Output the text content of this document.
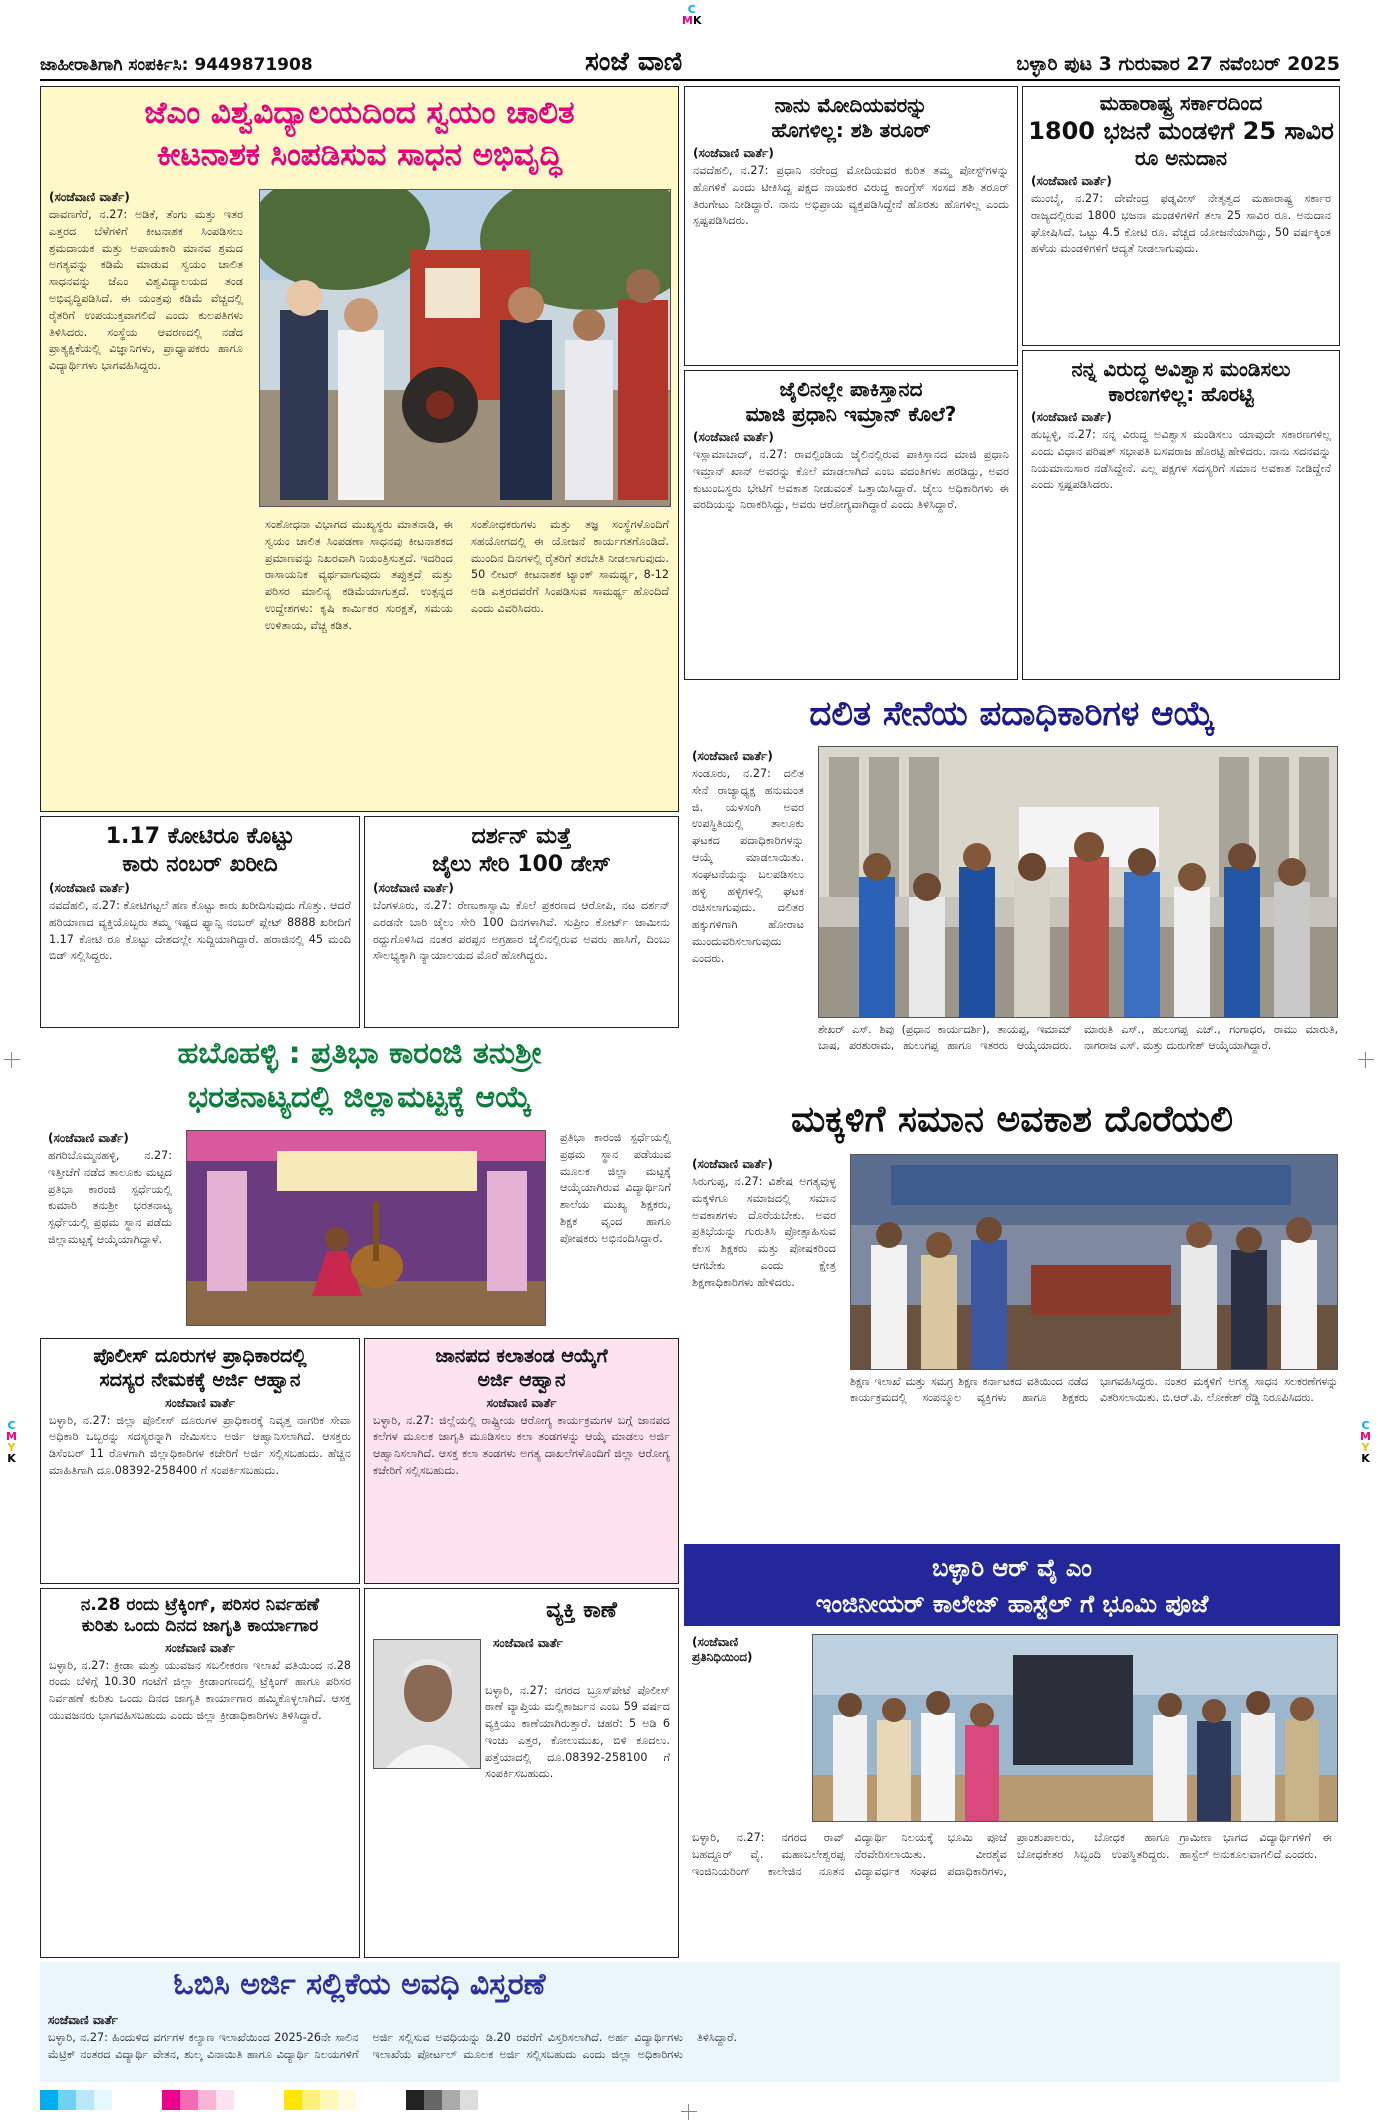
C
MK
C
M
Y
K
C
M
Y
K
ಜಾಹೀರಾತಿಗಾಗಿ ಸಂಪರ್ಕಿಸಿ: 9449871908	ಸಂಜೆ ವಾಣಿ	ಬಳ್ಳಾರಿ ಪುಟ 3 ಗುರುವಾರ 27 ನವೆಂಬರ್ 2025
ಜೆಎಂ ವಿಶ್ವವಿದ್ಯಾಲಯದಿಂದ ಸ್ವಯಂ ಚಾಲಿತ
ಕೀಟನಾಶಕ ಸಿಂಪಡಿಸುವ ಸಾಧನ ಅಭಿವೃದ್ಧಿ
(ಸಂಜೆವಾಣಿ ವಾರ್ತೆ)
ದಾವಣಗೆರೆ, ನ.27: ಅಡಿಕೆ, ತೆಂಗು ಮತ್ತು ಇತರ ಎತ್ತರದ ಬೆಳೆಗಳಿಗೆ ಕೀಟನಾಶಕ ಸಿಂಪಡಿಸಲು ಶ್ರಮದಾಯಕ ಮತ್ತು ಅಪಾಯಕಾರಿ ಮಾನವ ಶ್ರಮದ ಅಗತ್ಯವನ್ನು ಕಡಿಮೆ ಮಾಡುವ ಸ್ವಯಂ ಚಾಲಿತ ಸಾಧನವನ್ನು ಜೆಎಂ ವಿಶ್ವವಿದ್ಯಾಲಯದ ತಂಡ ಅಭಿವೃದ್ಧಿಪಡಿಸಿದೆ. ಈ ಯಂತ್ರವು ಕಡಿಮೆ ವೆಚ್ಚದಲ್ಲಿ ರೈತರಿಗೆ ಉಪಯುಕ್ತವಾಗಲಿದೆ ಎಂದು ಕುಲಪತಿಗಳು ತಿಳಿಸಿದರು. ಸಂಸ್ಥೆಯ ಆವರಣದಲ್ಲಿ ನಡೆದ ಪ್ರಾತ್ಯಕ್ಷಿಕೆಯಲ್ಲಿ ವಿಜ್ಞಾನಿಗಳು, ಪ್ರಾಧ್ಯಾಪಕರು ಹಾಗೂ ವಿದ್ಯಾರ್ಥಿಗಳು ಭಾಗವಹಿಸಿದ್ದರು.
ಸಂಶೋಧನಾ ವಿಭಾಗದ ಮುಖ್ಯಸ್ಥರು ಮಾತನಾಡಿ, ಈ ಸ್ವಯಂ ಚಾಲಿತ ಸಿಂಪಡಣಾ ಸಾಧನವು ಕೀಟನಾಶಕದ ಪ್ರಮಾಣವನ್ನು ನಿಖರವಾಗಿ ನಿಯಂತ್ರಿಸುತ್ತದೆ. ಇದರಿಂದ ರಾಸಾಯನಿಕ ವ್ಯರ್ಥವಾಗುವುದು ತಪ್ಪುತ್ತದೆ ಮತ್ತು ಪರಿಸರ ಮಾಲಿನ್ಯ ಕಡಿಮೆಯಾಗುತ್ತದೆ. ಉತ್ಪನ್ನದ ಉದ್ದೇಶಗಳು: ಕೃಷಿ ಕಾರ್ಮಿಕರ ಸುರಕ್ಷತೆ, ಸಮಯ ಉಳಿತಾಯ, ವೆಚ್ಚ ಕಡಿತ.
ಸಂಶೋಧಕರುಗಳು ಮತ್ತು ತಜ್ಞ ಸಂಸ್ಥೆಗಳೊಂದಿಗೆ ಸಹಯೋಗದಲ್ಲಿ ಈ ಯೋಜನೆ ಕಾರ್ಯಗತಗೊಂಡಿದೆ. ಮುಂದಿನ ದಿನಗಳಲ್ಲಿ ರೈತರಿಗೆ ತರಬೇತಿ ನೀಡಲಾಗುವುದು. 50 ಲೀಟರ್ ಕೀಟನಾಶಕ ಟ್ಯಾಂಕ್ ಸಾಮರ್ಥ್ಯ, 8-12 ಅಡಿ ಎತ್ತರದವರೆಗೆ ಸಿಂಪಡಿಸುವ ಸಾಮರ್ಥ್ಯ ಹೊಂದಿದೆ ಎಂದು ವಿವರಿಸಿದರು.
ನಾನು ಮೋದಿಯವರನ್ನು
ಹೊಗಳಿಲ್ಲ: ಶಶಿ ತರೂರ್
(ಸಂಜೆವಾಣಿ ವಾರ್ತೆ)
ನವದೆಹಲಿ, ನ.27: ಪ್ರಧಾನಿ ನರೇಂದ್ರ ಮೋದಿಯವರ ಕುರಿತ ತಮ್ಮ ಪೋಸ್ಟ್‌ಗಳನ್ನು ಹೊಗಳಿಕೆ ಎಂದು ಟೀಕಿಸಿದ್ದ ಪಕ್ಷದ ನಾಯಕರ ವಿರುದ್ಧ ಕಾಂಗ್ರೆಸ್ ಸಂಸದ ಶಶಿ ತರೂರ್ ತಿರುಗೇಟು ನೀಡಿದ್ದಾರೆ. ನಾನು ಅಭಿಪ್ರಾಯ ವ್ಯಕ್ತಪಡಿಸಿದ್ದೇನೆ ಹೊರತು ಹೊಗಳಿಲ್ಲ ಎಂದು ಸ್ಪಷ್ಟಪಡಿಸಿದರು.
ಜೈಲಿನಲ್ಲೇ ಪಾಕಿಸ್ತಾನದ
ಮಾಜಿ ಪ್ರಧಾನಿ ಇಮ್ರಾನ್ ಕೊಲೆ?
(ಸಂಜೆವಾಣಿ ವಾರ್ತೆ)
ಇಸ್ಲಾಮಾಬಾದ್, ನ.27: ರಾವಲ್ಪಿಂಡಿಯ ಜೈಲಿನಲ್ಲಿರುವ ಪಾಕಿಸ್ತಾನದ ಮಾಜಿ ಪ್ರಧಾನಿ ಇಮ್ರಾನ್ ಖಾನ್ ಅವರನ್ನು ಕೊಲೆ ಮಾಡಲಾಗಿದೆ ಎಂಬ ವದಂತಿಗಳು ಹರಡಿದ್ದು, ಅವರ ಕುಟುಂಬಸ್ಥರು ಭೇಟಿಗೆ ಅವಕಾಶ ನೀಡುವಂತೆ ಒತ್ತಾಯಿಸಿದ್ದಾರೆ. ಜೈಲು ಅಧಿಕಾರಿಗಳು ಈ ವರದಿಯನ್ನು ನಿರಾಕರಿಸಿದ್ದು, ಅವರು ಆರೋಗ್ಯವಾಗಿದ್ದಾರೆ ಎಂದು ತಿಳಿಸಿದ್ದಾರೆ.
ಮಹಾರಾಷ್ಟ್ರ ಸರ್ಕಾರದಿಂದ
1800 ಭಜನೆ ಮಂಡಳಿಗೆ 25 ಸಾವಿರ
ರೂ ಅನುದಾನ
(ಸಂಜೆವಾಣಿ ವಾರ್ತೆ)
ಮುಂಬೈ, ನ.27: ದೇವೇಂದ್ರ ಫಡ್ನವೀಸ್ ನೇತೃತ್ವದ ಮಹಾರಾಷ್ಟ್ರ ಸರ್ಕಾರ ರಾಜ್ಯದಲ್ಲಿರುವ 1800 ಭಜನಾ ಮಂಡಳಿಗಳಿಗೆ ತಲಾ 25 ಸಾವಿರ ರೂ. ಅನುದಾನ ಘೋಷಿಸಿದೆ. ಒಟ್ಟು 4.5 ಕೋಟಿ ರೂ. ವೆಚ್ಚದ ಯೋಜನೆಯಾಗಿದ್ದು, 50 ವರ್ಷಕ್ಕಿಂತ ಹಳೆಯ ಮಂಡಳಿಗಳಿಗೆ ಆದ್ಯತೆ ನೀಡಲಾಗುವುದು.
ನನ್ನ ವಿರುದ್ಧ ಅವಿಶ್ವಾಸ ಮಂಡಿಸಲು
ಕಾರಣಗಳಿಲ್ಲ: ಹೊರಟ್ಟಿ
(ಸಂಜೆವಾಣಿ ವಾರ್ತೆ)
ಹುಬ್ಬಳ್ಳಿ, ನ.27: ನನ್ನ ವಿರುದ್ಧ ಅವಿಶ್ವಾಸ ಮಂಡಿಸಲು ಯಾವುದೇ ಸಕಾರಣಗಳಿಲ್ಲ ಎಂದು ವಿಧಾನ ಪರಿಷತ್ ಸಭಾಪತಿ ಬಸವರಾಜ ಹೊರಟ್ಟಿ ಹೇಳಿದರು. ನಾನು ಸದನವನ್ನು ನಿಯಮಾನುಸಾರ ನಡೆಸಿದ್ದೇನೆ. ಎಲ್ಲ ಪಕ್ಷಗಳ ಸದಸ್ಯರಿಗೆ ಸಮಾನ ಅವಕಾಶ ನೀಡಿದ್ದೇನೆ ಎಂದು ಸ್ಪಷ್ಟಪಡಿಸಿದರು.
1.17 ಕೋಟಿರೂ ಕೊಟ್ಟು
ಕಾರು ನಂಬರ್ ಖರೀದಿ
(ಸಂಜೆವಾಣಿ ವಾರ್ತೆ)
ನವದೆಹಲಿ, ನ.27: ಕೋಟಿಗಟ್ಟಲೆ ಹಣ ಕೊಟ್ಟು ಕಾರು ಖರೀದಿಸುವುದು ಗೊತ್ತು. ಆದರೆ ಹರಿಯಾಣದ ವ್ಯಕ್ತಿಯೊಬ್ಬರು ತಮ್ಮ ಇಷ್ಟದ ಫ್ಯಾನ್ಸಿ ನಂಬರ್ ಪ್ಲೇಟ್ 8888 ಖರೀದಿಗೆ 1.17 ಕೋಟಿ ರೂ ಕೊಟ್ಟು ದೇಶದಲ್ಲೇ ಸುದ್ದಿಯಾಗಿದ್ದಾರೆ. ಹರಾಜಿನಲ್ಲಿ 45 ಮಂದಿ ಬಿಡ್ ಸಲ್ಲಿಸಿದ್ದರು.
ದರ್ಶನ್ ಮತ್ತೆ
ಜೈಲು ಸೇರಿ 100 ಡೇಸ್
(ಸಂಜೆವಾಣಿ ವಾರ್ತೆ)
ಬೆಂಗಳೂರು, ನ.27: ರೇಣುಕಾಸ್ವಾಮಿ ಕೊಲೆ ಪ್ರಕರಣದ ಆರೋಪಿ, ನಟ ದರ್ಶನ್ ಎರಡನೇ ಬಾರಿ ಜೈಲು ಸೇರಿ 100 ದಿನಗಳಾಗಿವೆ. ಸುಪ್ರೀಂ ಕೋರ್ಟ್ ಜಾಮೀನು ರದ್ದುಗೊಳಿಸಿದ ನಂತರ ಪರಪ್ಪನ ಅಗ್ರಹಾರ ಜೈಲಿನಲ್ಲಿರುವ ಅವರು ಹಾಸಿಗೆ, ದಿಂಬು ಸೌಲಭ್ಯಕ್ಕಾಗಿ ನ್ಯಾಯಾಲಯದ ಮೊರೆ ಹೋಗಿದ್ದರು.
ದಲಿತ ಸೇನೆಯ ಪದಾಧಿಕಾರಿಗಳ ಆಯ್ಕೆ
(ಸಂಜೆವಾಣಿ ವಾರ್ತೆ)
ಸಂಡೂರು, ನ.27: ದಲಿತ ಸೇನೆ ರಾಜ್ಯಾಧ್ಯಕ್ಷ ಹನುಮಂತ ಜಿ. ಯಳಸಂಗಿ ಅವರ ಉಪಸ್ಥಿತಿಯಲ್ಲಿ ತಾಲೂಕು ಘಟಕದ ಪದಾಧಿಕಾರಿಗಳನ್ನು ಆಯ್ಕೆ ಮಾಡಲಾಯಿತು. ಸಂಘಟನೆಯನ್ನು ಬಲಪಡಿಸಲು ಹಳ್ಳಿ ಹಳ್ಳಿಗಳಲ್ಲಿ ಘಟಕ ರಚಿಸಲಾಗುವುದು. ದಲಿತರ ಹಕ್ಕುಗಳಿಗಾಗಿ ಹೋರಾಟ ಮುಂದುವರಿಸಲಾಗುವುದು ಎಂದರು.
ಶೇಖರ್ ಎಸ್. ಶಿವು (ಪ್ರಧಾನ ಕಾರ್ಯದರ್ಶಿ), ತಾಯಪ್ಪ, ಇಮಾಮ್ ಬಾಷ, ಪರಶುರಾಮ, ಹುಲುಗಪ್ಪ ಹಾಗೂ ಇತರರು ಆಯ್ಕೆಯಾದರು. ಮಾರುತಿ ಎಸ್., ಹುಲುಗಪ್ಪ ಎಚ್., ಗಂಗಾಧರ, ರಾಮು ಮಾರುತಿ, ನಾಗರಾಜ ಎಸ್. ಮತ್ತು ದುರುಗೇಶ್ ಆಯ್ಕೆಯಾಗಿದ್ದಾರೆ.
ಹಬೊಹಳ್ಳಿ : ಪ್ರತಿಭಾ ಕಾರಂಜಿ ತನುಶ್ರೀ
ಭರತನಾಟ್ಯದಲ್ಲಿ ಜಿಲ್ಲಾಮಟ್ಟಕ್ಕೆ ಆಯ್ಕೆ
(ಸಂಜೆವಾಣಿ ವಾರ್ತೆ)
ಹಗರಿಬೊಮ್ಮನಹಳ್ಳಿ, ನ.27: ಇತ್ತೀಚೆಗೆ ನಡೆದ ತಾಲೂಕು ಮಟ್ಟದ ಪ್ರತಿಭಾ ಕಾರಂಜಿ ಸ್ಪರ್ಧೆಯಲ್ಲಿ ಕುಮಾರಿ ತನುಶ್ರೀ ಭರತನಾಟ್ಯ ಸ್ಪರ್ಧೆಯಲ್ಲಿ ಪ್ರಥಮ ಸ್ಥಾನ ಪಡೆದು ಜಿಲ್ಲಾಮಟ್ಟಕ್ಕೆ ಆಯ್ಕೆಯಾಗಿದ್ದಾಳೆ.
ಪ್ರತಿಭಾ ಕಾರಂಜಿ ಸ್ಪರ್ಧೆಯಲ್ಲಿ ಪ್ರಥಮ ಸ್ಥಾನ ಪಡೆಯುವ ಮೂಲಕ ಜಿಲ್ಲಾ ಮಟ್ಟಕ್ಕೆ ಆಯ್ಕೆಯಾಗಿರುವ ವಿದ್ಯಾರ್ಥಿನಿಗೆ ಶಾಲೆಯ ಮುಖ್ಯ ಶಿಕ್ಷಕರು, ಶಿಕ್ಷಕ ವೃಂದ ಹಾಗೂ ಪೋಷಕರು ಅಭಿನಂದಿಸಿದ್ದಾರೆ.
ಮಕ್ಕಳಿಗೆ ಸಮಾನ ಅವಕಾಶ ದೊರೆಯಲಿ
(ಸಂಜೆವಾಣಿ ವಾರ್ತೆ)
ಸಿರುಗುಪ್ಪ, ನ.27: ವಿಶೇಷ ಅಗತ್ಯವುಳ್ಳ ಮಕ್ಕಳಿಗೂ ಸಮಾಜದಲ್ಲಿ ಸಮಾನ ಅವಕಾಶಗಳು ದೊರೆಯಬೇಕು. ಅವರ ಪ್ರತಿಭೆಯನ್ನು ಗುರುತಿಸಿ ಪ್ರೋತ್ಸಾಹಿಸುವ ಕೆಲಸ ಶಿಕ್ಷಕರು ಮತ್ತು ಪೋಷಕರಿಂದ ಆಗಬೇಕು ಎಂದು ಕ್ಷೇತ್ರ ಶಿಕ್ಷಣಾಧಿಕಾರಿಗಳು ಹೇಳಿದರು.
ಶಿಕ್ಷಣ ಇಲಾಖೆ ಮತ್ತು ಸಮಗ್ರ ಶಿಕ್ಷಣ ಕರ್ನಾಟಕದ ವತಿಯಿಂದ ನಡೆದ ಕಾರ್ಯಕ್ರಮದಲ್ಲಿ ಸಂಪನ್ಮೂಲ ವ್ಯಕ್ತಿಗಳು ಹಾಗೂ ಶಿಕ್ಷಕರು ಭಾಗವಹಿಸಿದ್ದರು. ನಂತರ ಮಕ್ಕಳಿಗೆ ಅಗತ್ಯ ಸಾಧನ ಸಲಕರಣೆಗಳನ್ನು ವಿತರಿಸಲಾಯಿತು. ಬಿ.ಆರ್.ಪಿ. ಲೋಕೇಶ್ ರೆಡ್ಡಿ ನಿರೂಪಿಸಿದರು.
ಪೊಲೀಸ್ ದೂರುಗಳ ಪ್ರಾಧಿಕಾರದಲ್ಲಿ
ಸದಸ್ಯರ ನೇಮಕಕ್ಕೆ ಅರ್ಜಿ ಆಹ್ವಾನ
ಸಂಜೆವಾಣಿ ವಾರ್ತೆ
ಬಳ್ಳಾರಿ, ನ.27: ಜಿಲ್ಲಾ ಪೊಲೀಸ್ ದೂರುಗಳ ಪ್ರಾಧಿಕಾರಕ್ಕೆ ನಿವೃತ್ತ ನಾಗರಿಕ ಸೇವಾ ಅಧಿಕಾರಿ ಒಬ್ಬರನ್ನು ಸದಸ್ಯರನ್ನಾಗಿ ನೇಮಿಸಲು ಅರ್ಜಿ ಆಹ್ವಾನಿಸಲಾಗಿದೆ. ಆಸಕ್ತರು ಡಿಸೆಂಬರ್ 11 ರೊಳಗಾಗಿ ಜಿಲ್ಲಾಧಿಕಾರಿಗಳ ಕಚೇರಿಗೆ ಅರ್ಜಿ ಸಲ್ಲಿಸಬಹುದು. ಹೆಚ್ಚಿನ ಮಾಹಿತಿಗಾಗಿ ದೂ.08392-258400 ಗೆ ಸಂಪರ್ಕಿಸಬಹುದು.
ಜಾನಪದ ಕಲಾತಂಡ ಆಯ್ಕೆಗೆ
ಅರ್ಜಿ ಆಹ್ವಾನ
ಸಂಜೆವಾಣಿ ವಾರ್ತೆ
ಬಳ್ಳಾರಿ, ನ.27: ಜಿಲ್ಲೆಯಲ್ಲಿ ರಾಷ್ಟ್ರೀಯ ಆರೋಗ್ಯ ಕಾರ್ಯಕ್ರಮಗಳ ಬಗ್ಗೆ ಜಾನಪದ ಕಲೆಗಳ ಮೂಲಕ ಜಾಗೃತಿ ಮೂಡಿಸಲು ಕಲಾ ತಂಡಗಳನ್ನು ಆಯ್ಕೆ ಮಾಡಲು ಅರ್ಜಿ ಆಹ್ವಾನಿಸಲಾಗಿದೆ. ಆಸಕ್ತ ಕಲಾ ತಂಡಗಳು ಅಗತ್ಯ ದಾಖಲೆಗಳೊಂದಿಗೆ ಜಿಲ್ಲಾ ಆರೋಗ್ಯ ಕಚೇರಿಗೆ ಸಲ್ಲಿಸಬಹುದು.
ನ.28 ರಂದು ಟ್ರೆಕ್ಕಿಂಗ್, ಪರಿಸರ ನಿರ್ವಹಣೆ
ಕುರಿತು ಒಂದು ದಿನದ ಜಾಗೃತಿ ಕಾರ್ಯಾಗಾರ
ಸಂಜೆವಾಣಿ ವಾರ್ತೆ
ಬಳ್ಳಾರಿ, ನ.27: ಕ್ರೀಡಾ ಮತ್ತು ಯುವಜನ ಸಬಲೀಕರಣ ಇಲಾಖೆ ವತಿಯಿಂದ ನ.28 ರಂದು ಬೆಳಿಗ್ಗೆ 10.30 ಗಂಟೆಗೆ ಜಿಲ್ಲಾ ಕ್ರೀಡಾಂಗಣದಲ್ಲಿ ಟ್ರೆಕ್ಕಿಂಗ್ ಹಾಗೂ ಪರಿಸರ ನಿರ್ವಹಣೆ ಕುರಿತು ಒಂದು ದಿನದ ಜಾಗೃತಿ ಕಾರ್ಯಾಗಾರ ಹಮ್ಮಿಕೊಳ್ಳಲಾಗಿದೆ. ಆಸಕ್ತ ಯುವಜನರು ಭಾಗವಹಿಸಬಹುದು ಎಂದು ಜಿಲ್ಲಾ ಕ್ರೀಡಾಧಿಕಾರಿಗಳು ತಿಳಿಸಿದ್ದಾರೆ.
ವ್ಯಕ್ತಿ ಕಾಣೆ
ಸಂಜೆವಾಣಿ ವಾರ್ತೆ
ಬಳ್ಳಾರಿ, ನ.27: ನಗರದ ಬ್ರೂಸ್‌ಪೇಟೆ ಪೊಲೀಸ್ ಠಾಣೆ ವ್ಯಾಪ್ತಿಯ ಮಲ್ಲಿಕಾರ್ಜುನ ಎಂಬ 59 ವರ್ಷದ ವ್ಯಕ್ತಿಯು ಕಾಣೆಯಾಗಿರುತ್ತಾರೆ. ಚಹರೆ: 5 ಅಡಿ 6 ಇಂಚು ಎತ್ತರ, ಕೋಲುಮುಖ, ಬಿಳಿ ಕೂದಲು. ಪತ್ತೆಯಾದಲ್ಲಿ ದೂ.08392-258100 ಗೆ ಸಂಪರ್ಕಿಸಬಹುದು.
ಬಳ್ಳಾರಿ ಆರ್ ವೈ ಎಂ
ಇಂಜಿನೀಯರ್ ಕಾಲೇಜ್ ಹಾಸ್ಟೆಲ್ ಗೆ ಭೂಮಿ ಪೂಜೆ
(ಸಂಜೆವಾಣಿ ಪ್ರತಿನಿಧಿಯಿಂದ)
ಬಳ್ಳಾರಿ, ನ.27: ನಗರದ ರಾವ್ ಬಹದ್ದೂರ್ ವೈ. ಮಹಾಬಲೇಶ್ವರಪ್ಪ ಇಂಜಿನಿಯರಿಂಗ್ ಕಾಲೇಜಿನ ನೂತನ ವಿದ್ಯಾರ್ಥಿ ನಿಲಯಕ್ಕೆ ಭೂಮಿ ಪೂಜೆ ನೆರವೇರಿಸಲಾಯಿತು. ವೀರಶೈವ ವಿದ್ಯಾವರ್ಧಕ ಸಂಘದ ಪದಾಧಿಕಾರಿಗಳು, ಪ್ರಾಂಶುಪಾಲರು, ಬೋಧಕ ಹಾಗೂ ಬೋಧಕೇತರ ಸಿಬ್ಬಂದಿ ಉಪಸ್ಥಿತರಿದ್ದರು. ಗ್ರಾಮೀಣ ಭಾಗದ ವಿದ್ಯಾರ್ಥಿಗಳಿಗೆ ಈ ಹಾಸ್ಟೆಲ್ ಅನುಕೂಲವಾಗಲಿದೆ ಎಂದರು.
ಓಬಿಸಿ ಅರ್ಜಿ ಸಲ್ಲಿಕೆಯ ಅವಧಿ ವಿಸ್ತರಣೆ
ಸಂಜೆವಾಣಿ ವಾರ್ತೆ
ಬಳ್ಳಾರಿ, ನ.27: ಹಿಂದುಳಿದ ವರ್ಗಗಳ ಕಲ್ಯಾಣ ಇಲಾಖೆಯಿಂದ 2025-26ನೇ ಸಾಲಿನ ಮೆಟ್ರಿಕ್ ನಂತರದ ವಿದ್ಯಾರ್ಥಿ ವೇತನ, ಶುಲ್ಕ ವಿನಾಯಿತಿ ಹಾಗೂ ವಿದ್ಯಾರ್ಥಿ ನಿಲಯಗಳಿಗೆ ಅರ್ಜಿ ಸಲ್ಲಿಸುವ ಅವಧಿಯನ್ನು ಡಿ.20 ರವರೆಗೆ ವಿಸ್ತರಿಸಲಾಗಿದೆ. ಅರ್ಹ ವಿದ್ಯಾರ್ಥಿಗಳು ಇಲಾಖೆಯ ಪೋರ್ಟಲ್ ಮೂಲಕ ಅರ್ಜಿ ಸಲ್ಲಿಸಬಹುದು ಎಂದು ಜಿಲ್ಲಾ ಅಧಿಕಾರಿಗಳು ತಿಳಿಸಿದ್ದಾರೆ.
